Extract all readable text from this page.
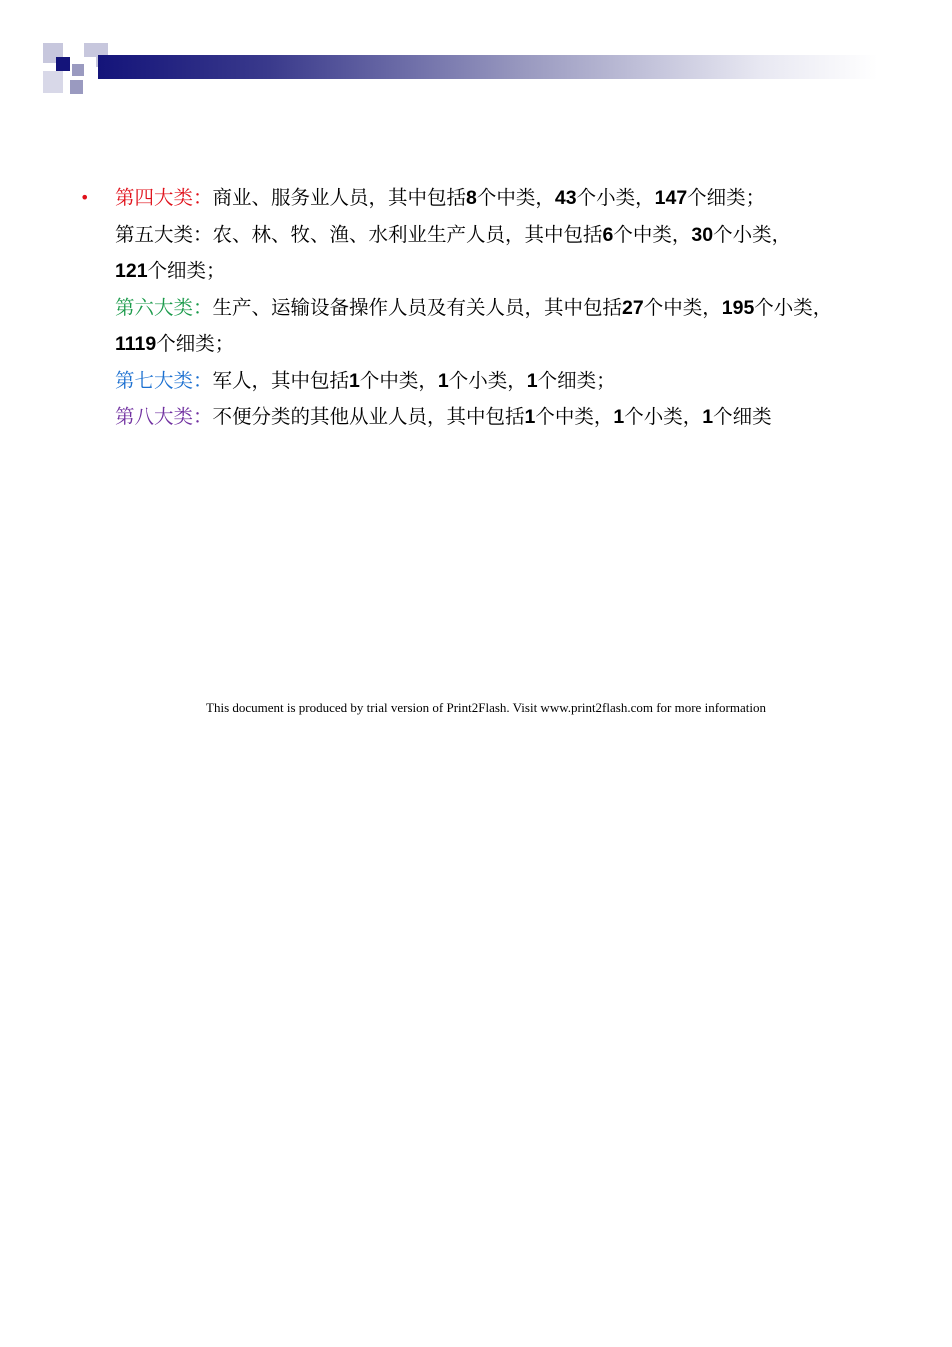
• 第四大类：商业、服务业人员，其中包括8个中类，43个小类，147个细类；
第五大类：农、林、牧、渔、水利业生产人员，其中包括6个中类，30个小类，
121个细类；
第六大类：生产、运输设备操作人员及有关人员，其中包括27个中类，195个小类，1119个细类；
第七大类：军人，其中包括1个中类，1个小类，1个细类；
第八大类：不便分类的其他从业人员，其中包括1个中类，1个小类，1个细类
This document is produced by trial version of Print2Flash. Visit www.print2flash.com for more information
